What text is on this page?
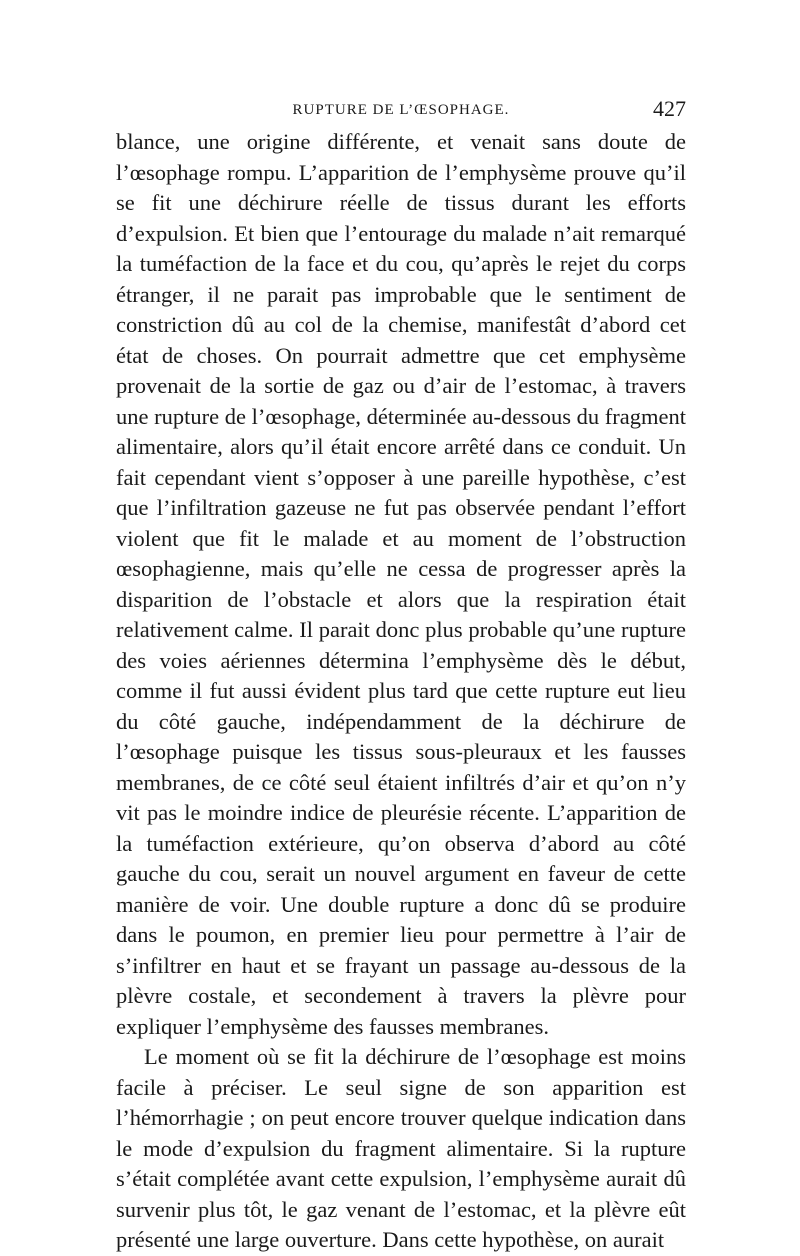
RUPTURE DE L’ŒSOPHAGE.	427

blance, une origine différente, et venait sans doute de l’œsophage rompu. L’apparition de l’emphysème prouve qu’il se fit une déchirure réelle de tissus durant les efforts d’expulsion. Et bien que l’entourage du malade n’ait remarqué la tuméfaction de la face et du cou, qu’après le rejet du corps étranger, il ne parait pas improbable que le sentiment de constriction dû au col de la chemise, manifestât d’abord cet état de choses. On pourrait admettre que cet emphysème provenait de la sortie de gaz ou d’air de l’estomac, à travers une rupture de l’œsophage, déterminée au-dessous du fragment alimentaire, alors qu’il était encore arrêté dans ce conduit. Un fait cependant vient s’opposer à une pareille hypothèse, c’est que l’infiltration gazeuse ne fut pas observée pendant l’effort violent que fit le malade et au moment de l’obstruction œsophagienne, mais qu’elle ne cessa de progresser après la disparition de l’obstacle et alors que la respiration était relativement calme. Il parait donc plus probable qu’une rupture des voies aériennes détermina l’emphysème dès le début, comme il fut aussi évident plus tard que cette rupture eut lieu du côté gauche, indépendamment de la déchirure de l’œsophage puisque les tissus sous-pleuraux et les fausses membranes, de ce côté seul étaient infiltrés d’air et qu’on n’y vit pas le moindre indice de pleurésie récente. L’apparition de la tuméfaction extérieure, qu’on observa d’abord au côté gauche du cou, serait un nouvel argument en faveur de cette manière de voir. Une double rupture a donc dû se produire dans le poumon, en premier lieu pour permettre à l’air de s’infiltrer en haut et se frayant un passage au-dessous de la plèvre costale, et secondement à travers la plèvre pour expliquer l’emphysème des fausses membranes.

Le moment où se fit la déchirure de l’œsophage est moins facile à préciser. Le seul signe de son apparition est l’hémorrhagie ; on peut encore trouver quelque indication dans le mode d’expulsion du fragment alimentaire. Si la rupture s’était complétée avant cette expulsion, l’emphysème aurait dû survenir plus tôt, le gaz venant de l’estomac, et la plèvre eût présenté une large ouverture. Dans cette hypothèse, on aurait
